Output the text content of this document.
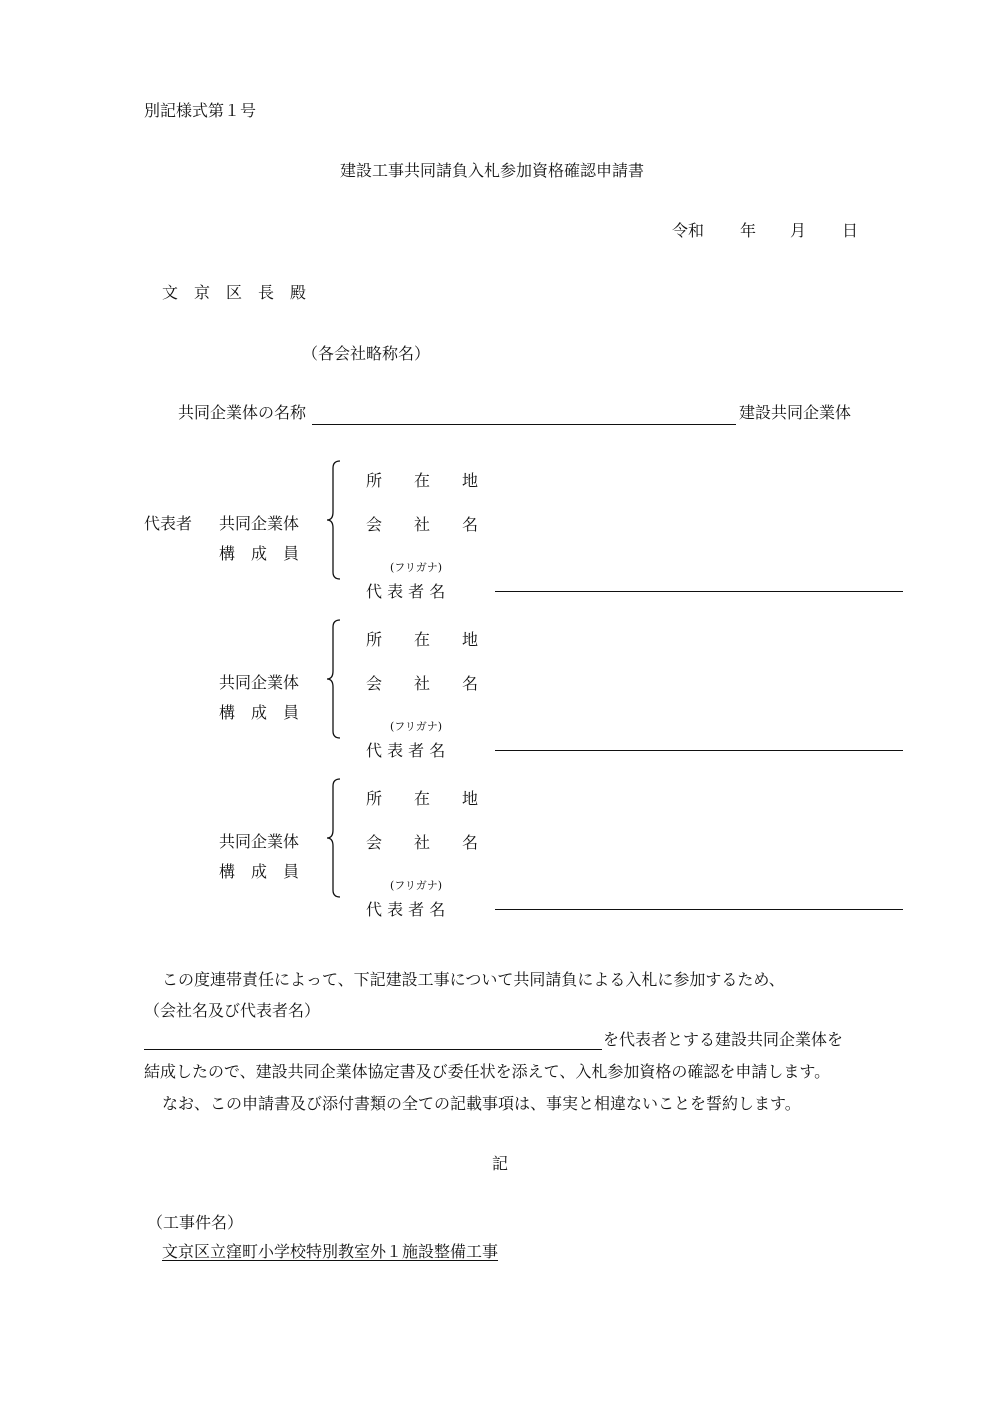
別記様式第１号
建設工事共同請負入札参加資格確認申請書
令和 年 月 日
文　京　区　長　殿
（各会社略称名）
共同企業体の名称	建設共同企業体
代表者 共同企業体
構　成　員
所　　在　　地
会　　社　　名
(フリガナ)
代 表 者 名
共同企業体
構　成　員
所　　在　　地
会　　社　　名
(フリガナ)
代 表 者 名
共同企業体
構　成　員
所　　在　　地
会　　社　　名
(フリガナ)
代 表 者 名
この度連帯責任によって、下記建設工事について共同請負による入札に参加するため、
（会社名及び代表者名）
を代表者とする建設共同企業体を
結成したので、建設共同企業体協定書及び委任状を添えて、入札参加資格の確認を申請します。
なお、この申請書及び添付書類の全ての記載事項は、事実と相違ないことを誓約します。
記
（工事件名）
文京区立窪町小学校特別教室外１施設整備工事
